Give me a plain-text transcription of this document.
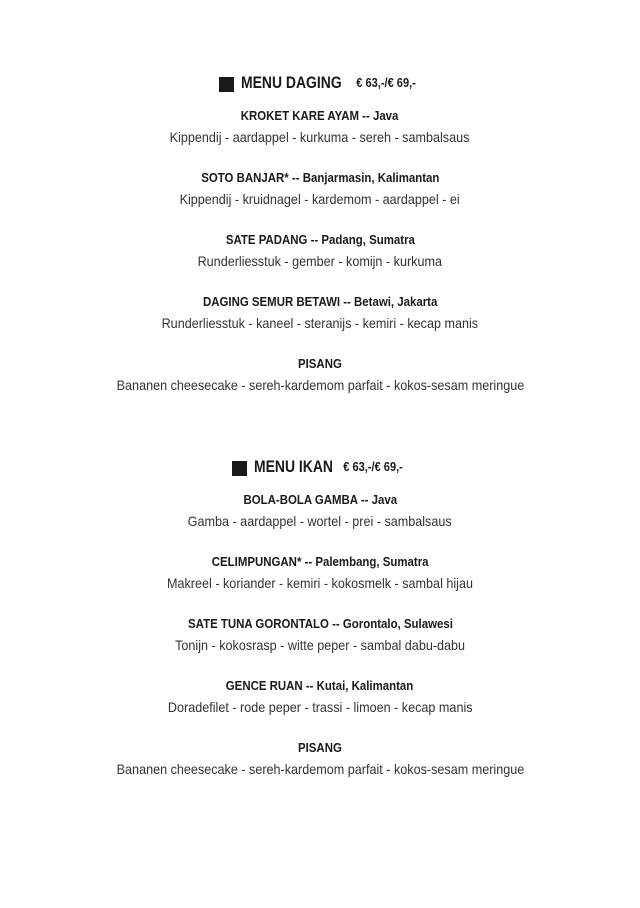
MENU DAGING € 63,-/€ 69,-
KROKET KARE AYAM -- Java
Kippendij - aardappel - kurkuma - sereh - sambalsaus
SOTO BANJAR* -- Banjarmasin, Kalimantan
Kippendij - kruidnagel - kardemom - aardappel - ei
SATE PADANG -- Padang, Sumatra
Runderliesstuk - gember - komijn - kurkuma
DAGING SEMUR BETAWI -- Betawi, Jakarta
Runderliesstuk - kaneel - steranijs - kemiri - kecap manis
PISANG
Bananen cheesecake - sereh-kardemom parfait - kokos-sesam meringue
MENU IKAN € 63,-/€ 69,-
BOLA-BOLA GAMBA -- Java
Gamba - aardappel - wortel - prei - sambalsaus
CELIMPUNGAN* -- Palembang, Sumatra
Makreel - koriander - kemiri - kokosmelk - sambal hijau
SATE TUNA GORONTALO -- Gorontalo, Sulawesi
Tonijn - kokosrasp - witte peper - sambal dabu-dabu
GENCE RUAN -- Kutai, Kalimantan
Doradefilet - rode peper - trassi - limoen - kecap manis
PISANG
Bananen cheesecake - sereh-kardemom parfait - kokos-sesam meringue
